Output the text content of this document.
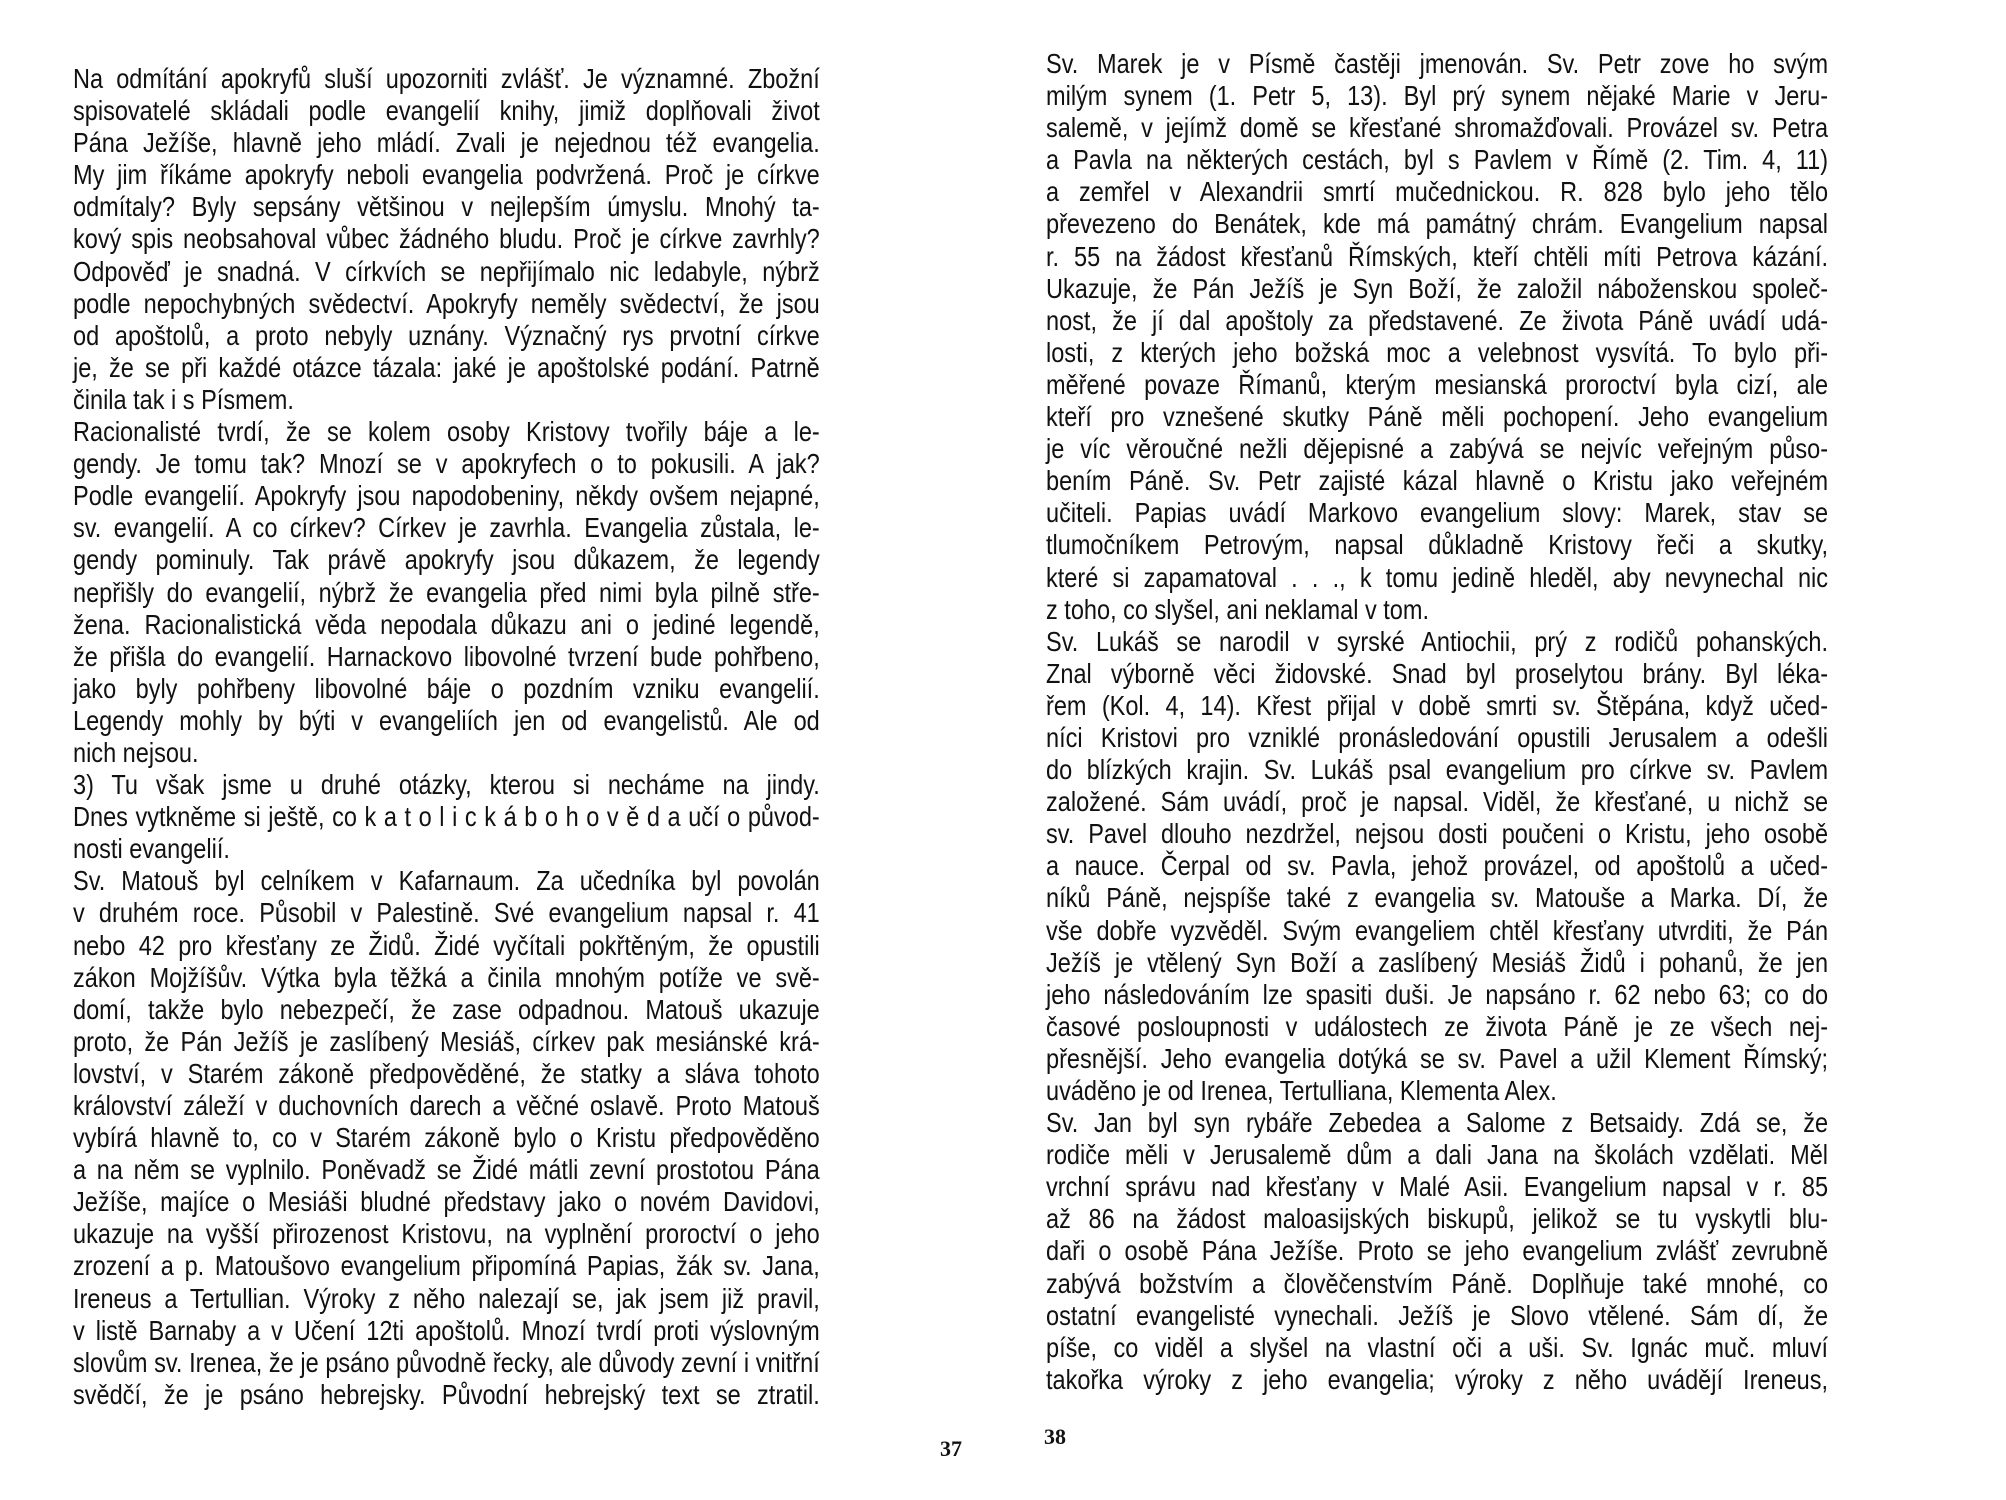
Na odmítání apokryfů sluší upozorniti zvlášť. Je významné. Zbožní
spisovatelé skládali podle evangelií knihy, jimiž doplňovali život
Pána Ježíše, hlavně jeho mládí. Zvali je nejednou též evangelia.
My jim říkáme apokryfy neboli evangelia podvržená. Proč je církve
odmítaly? Byly sepsány většinou v nejlepším úmyslu. Mnohý ta-
kový spis neobsahoval vůbec žádného bludu. Proč je církve zavrhly?
Odpověď je snadná. V církvích se nepřijímalo nic ledabyle, nýbrž
podle nepochybných svědectví. Apokryfy neměly svědectví, že jsou
od apoštolů, a proto nebyly uznány. Význačný rys prvotní církve
je, že se při každé otázce tázala: jaké je apoštolské podání. Patrně
činila tak i s Písmem.
Racionalisté tvrdí, že se kolem osoby Kristovy tvořily báje a le-
gendy. Je tomu tak? Mnozí se v apokryfech o to pokusili. A jak?
Podle evangelií. Apokryfy jsou napodobeniny, někdy ovšem nejapné,
sv. evangelií. A co církev? Církev je zavrhla. Evangelia zůstala, le-
gendy pominuly. Tak právě apokryfy jsou důkazem, že legendy
nepřišly do evangelií, nýbrž že evangelia před nimi byla pilně stře-
žena. Racionalistická věda nepodala důkazu ani o jediné legendě,
že přišla do evangelií. Harnackovo libovolné tvrzení bude pohřbeno,
jako byly pohřbeny libovolné báje o pozdním vzniku evangelií.
Legendy mohly by býti v evangeliích jen od evangelistů. Ale od
nich nejsou.
3) Tu však jsme u druhé otázky, kterou si necháme na jindy.
Dnes vytkněme si ještě, co k a t o l i c k á b o h o v ě d a učí o původ-
nosti evangelií.
Sv. Matouš byl celníkem v Kafarnaum. Za učedníka byl povolán
v druhém roce. Působil v Palestině. Své evangelium napsal r. 41
nebo 42 pro křesťany ze Židů. Židé vyčítali pokřtěným, že opustili
zákon Mojžíšův. Výtka byla těžká a činila mnohým potíže ve svě-
domí, takže bylo nebezpečí, že zase odpadnou. Matouš ukazuje
proto, že Pán Ježíš je zaslíbený Mesiáš, církev pak mesiánské krá-
lovství, v Starém zákoně předpověděné, že statky a sláva tohoto
království záleží v duchovních darech a věčné oslavě. Proto Matouš
vybírá hlavně to, co v Starém zákoně bylo o Kristu předpověděno
a na něm se vyplnilo. Poněvadž se Židé mátli zevní prostotou Pána
Ježíše, majíce o Mesiáši bludné představy jako o novém Davidovi,
ukazuje na vyšší přirozenost Kristovu, na vyplnění proroctví o jeho
zrození a p. Matoušovo evangelium připomíná Papias, žák sv. Jana,
Ireneus a Tertullian. Výroky z něho nalezají se, jak jsem již pravil,
v listě Barnaby a v Učení 12ti apoštolů. Mnozí tvrdí proti výslovným
slovům sv. Irenea, že je psáno původně řecky, ale důvody zevní i vnitřní
svědčí, že je psáno hebrejsky. Původní hebrejský text se ztratil.
Sv. Marek je v Písmě častěji jmenován. Sv. Petr zove ho svým
milým synem (1. Petr 5, 13). Byl prý synem nějaké Marie v Jeru-
salemě, v jejímž domě se křesťané shromažďovali. Provázel sv. Petra
a Pavla na některých cestách, byl s Pavlem v Římě (2. Tim. 4, 11)
a zemřel v Alexandrii smrtí mučednickou. R. 828 bylo jeho tělo
převezeno do Benátek, kde má památný chrám. Evangelium napsal
r. 55 na žádost křesťanů Římských, kteří chtěli míti Petrova kázání.
Ukazuje, že Pán Ježíš je Syn Boží, že založil náboženskou společ-
nost, že jí dal apoštoly za představené. Ze života Páně uvádí udá-
losti, z kterých jeho božská moc a velebnost vysvítá. To bylo při-
měřené povaze Římanů, kterým mesianská proroctví byla cizí, ale
kteří pro vznešené skutky Páně měli pochopení. Jeho evangelium
je víc věroučné nežli dějepisné a zabývá se nejvíc veřejným půso-
bením Páně. Sv. Petr zajisté kázal hlavně o Kristu jako veřejném
učiteli. Papias uvádí Markovo evangelium slovy: Marek, stav se
tlumočníkem Petrovým, napsal důkladně Kristovy řeči a skutky,
které si zapamatoval . . ., k tomu jedině hleděl, aby nevynechal nic
z toho, co slyšel, ani neklamal v tom.
Sv. Lukáš se narodil v syrské Antiochii, prý z rodičů pohanských.
Znal výborně věci židovské. Snad byl proselytou brány. Byl léka-
řem (Kol. 4, 14). Křest přijal v době smrti sv. Štěpána, když učed-
níci Kristovi pro vzniklé pronásledování opustili Jerusalem a odešli
do blízkých krajin. Sv. Lukáš psal evangelium pro církve sv. Pavlem
založené. Sám uvádí, proč je napsal. Viděl, že křesťané, u nichž se
sv. Pavel dlouho nezdržel, nejsou dosti poučeni o Kristu, jeho osobě
a nauce. Čerpal od sv. Pavla, jehož provázel, od apoštolů a učed-
níků Páně, nejspíše také z evangelia sv. Matouše a Marka. Dí, že
vše dobře vyzvěděl. Svým evangeliem chtěl křesťany utvrditi, že Pán
Ježíš je vtělený Syn Boží a zaslíbený Mesiáš Židů i pohanů, že jen
jeho následováním lze spasiti duši. Je napsáno r. 62 nebo 63; co do
časové posloupnosti v událostech ze života Páně je ze všech nej-
přesnější. Jeho evangelia dotýká se sv. Pavel a užil Klement Římský;
uváděno je od Irenea, Tertulliana, Klementa Alex.
Sv. Jan byl syn rybáře Zebedea a Salome z Betsaidy. Zdá se, že
rodiče měli v Jerusalemě dům a dali Jana na školách vzdělati. Měl
vrchní správu nad křesťany v Malé Asii. Evangelium napsal v r. 85
až 86 na žádost maloasijských biskupů, jelikož se tu vyskytli blu-
daři o osobě Pána Ježíše. Proto se jeho evangelium zvlášť zevrubně
zabývá božstvím a člověčenstvím Páně. Doplňuje také mnohé, co
ostatní evangelisté vynechali. Ježíš je Slovo vtělené. Sám dí, že
píše, co viděl a slyšel na vlastní oči a uši. Sv. Ignác muč. mluví
takořka výroky z jeho evangelia; výroky z něho uvádějí Ireneus,
37	38
